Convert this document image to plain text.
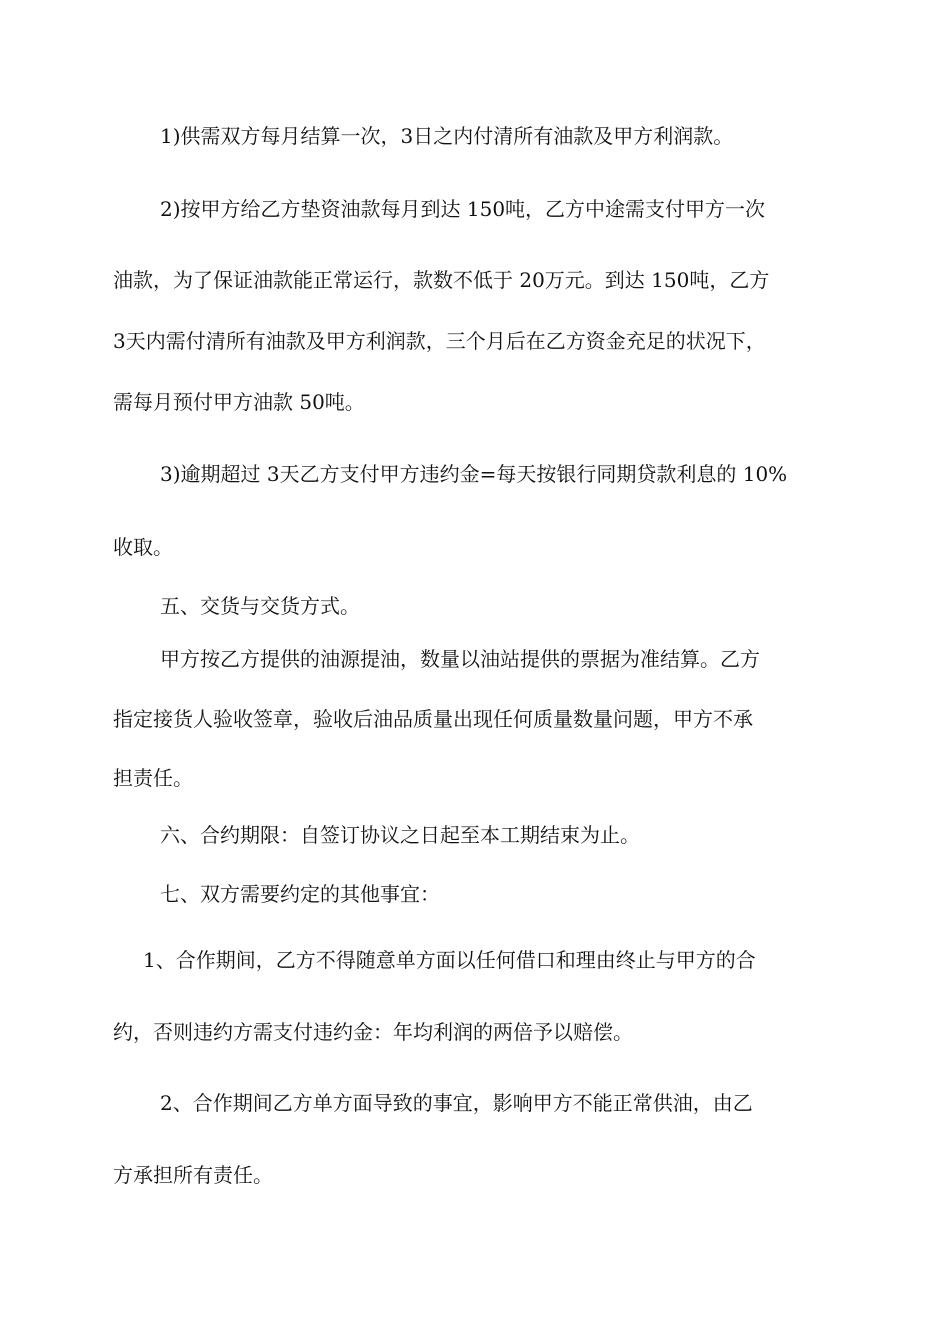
1)供需双方每月结算一次，3日之内付清所有油款及甲方利润款。
2)按甲方给乙方垫资油款每月到达 150吨，乙方中途需支付甲方一次
油款，为了保证油款能正常运行，款数不低于 20万元。到达 150吨，乙方
3天内需付清所有油款及甲方利润款，三个月后在乙方资金充足的状况下，
需每月预付甲方油款 50吨。
3)逾期超过 3天乙方支付甲方违约金=每天按银行同期贷款利息的 10%
收取。
五、交货与交货方式。
甲方按乙方提供的油源提油，数量以油站提供的票据为准结算。乙方
指定接货人验收签章，验收后油品质量出现任何质量数量问题，甲方不承
担责任。
六、合约期限：自签订协议之日起至本工期结束为止。
七、双方需要约定的其他事宜：
1、合作期间，乙方不得随意单方面以任何借口和理由终止与甲方的合
约，否则违约方需支付违约金：年均利润的两倍予以赔偿。
2、合作期间乙方单方面导致的事宜，影响甲方不能正常供油，由乙
方承担所有责任。
